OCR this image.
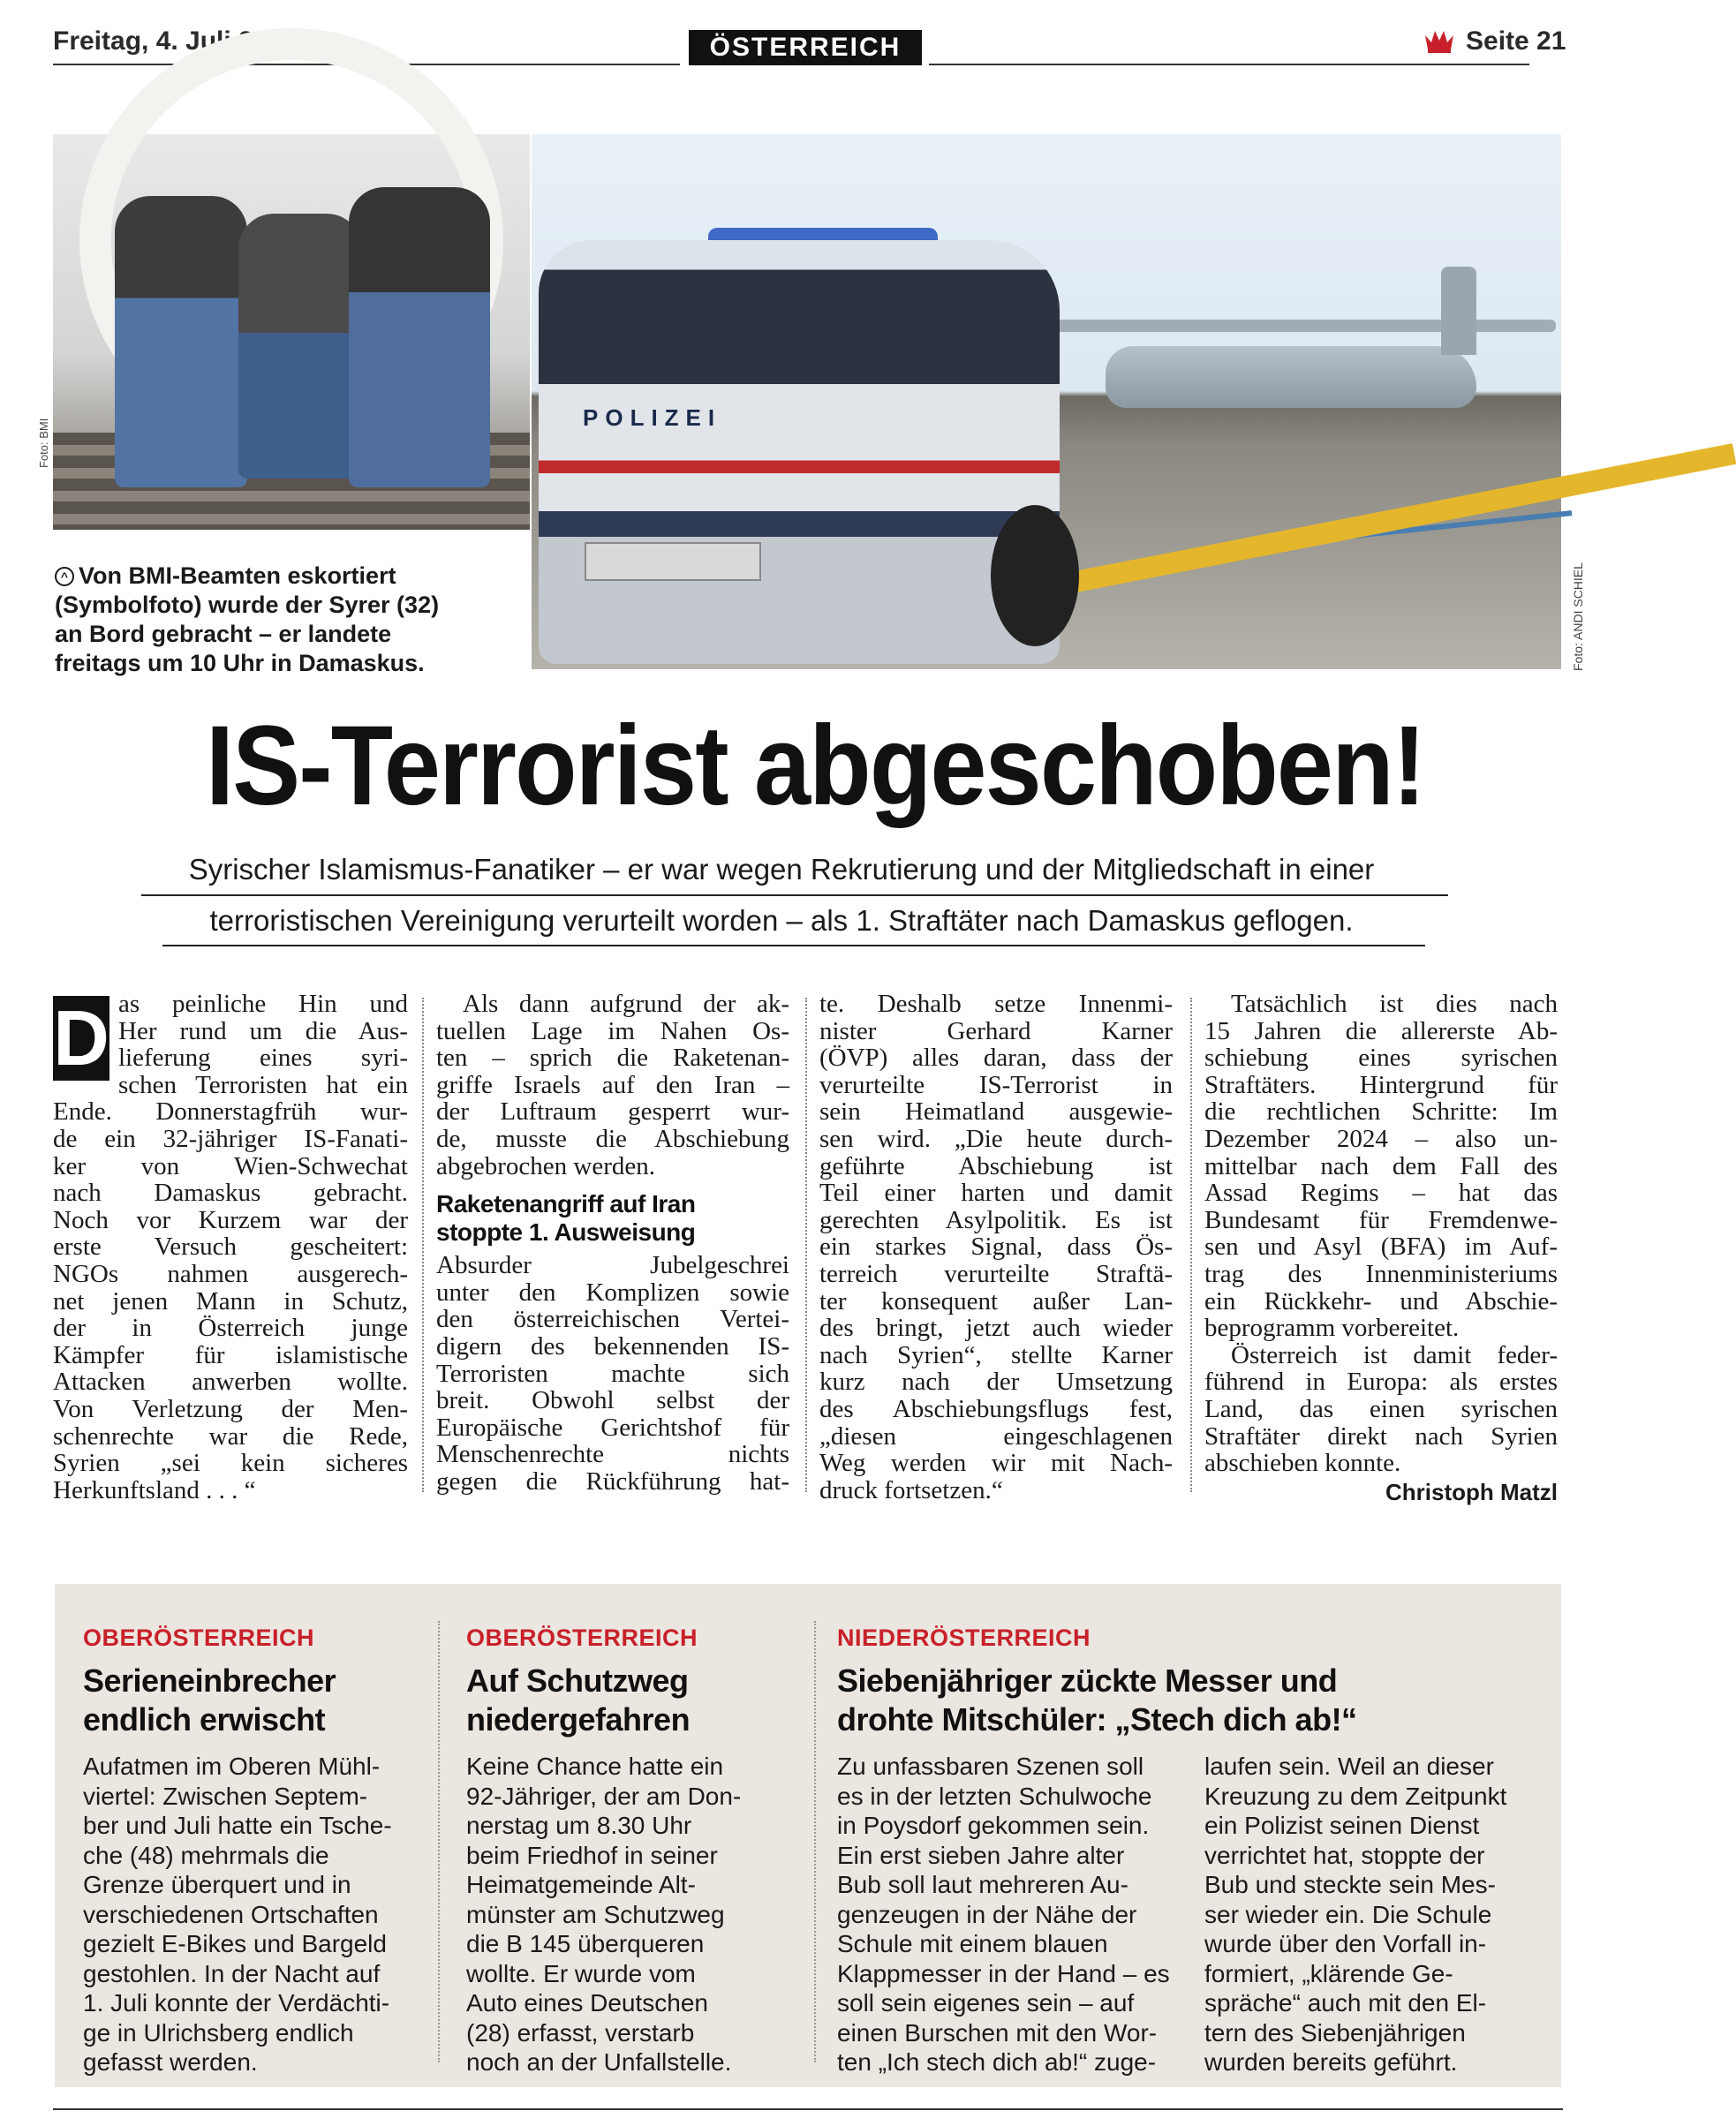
Freitag, 4. Juli 2025	ÖSTERREICH	Seite 21
Foto: BMI
^ Von BMI-Beamten eskortiert
(Symbolfoto) wurde der Syrer (32)
an Bord gebracht – er landete
freitags um 10 Uhr in Damaskus.
POLIZEI
Foto: ANDI SCHIEL
IS-Terrorist abgeschoben!
Syrischer Islamismus-Fanatiker – er war wegen Rekrutierung und der Mitgliedschaft in einer
terroristischen Vereinigung verurteilt worden – als 1. Straftäter nach Damaskus geflogen.
D as peinliche Hin und
Her rund um die Aus-
lieferung eines syri-
schen Terroristen hat ein
Ende. Donnerstagfrüh wur-
de ein 32-jähriger IS-Fanati-
ker von Wien-Schwechat
nach Damaskus gebracht.
Noch vor Kurzem war der
erste Versuch gescheitert:
NGOs nahmen ausgerech-
net jenen Mann in Schutz,
der in Österreich junge
Kämpfer für islamistische
Attacken anwerben wollte.
Von Verletzung der Men-
schenrechte war die Rede,
Syrien „sei kein sicheres
Herkunftsland . . . “
Als dann aufgrund der ak-
tuellen Lage im Nahen Os-
ten – sprich die Raketenan-
griffe Israels auf den Iran –
der Luftraum gesperrt wur-
de, musste die Abschiebung
abgebrochen werden.
Raketenangriff auf Iran
stoppte 1. Ausweisung
Absurder Jubelgeschrei
unter den Komplizen sowie
den österreichischen Vertei-
digern des bekennenden IS-
Terroristen machte sich
breit. Obwohl selbst der
Europäische Gerichtshof für
Menschenrechte nichts
gegen die Rückführung hat-
te. Deshalb setze Innenmi-
nister Gerhard Karner
(ÖVP) alles daran, dass der
verurteilte IS-Terrorist in
sein Heimatland ausgewie-
sen wird. „Die heute durch-
geführte Abschiebung ist
Teil einer harten und damit
gerechten Asylpolitik. Es ist
ein starkes Signal, dass Ös-
terreich verurteilte Straftä-
ter konsequent außer Lan-
des bringt, jetzt auch wieder
nach Syrien“, stellte Karner
kurz nach der Umsetzung
des Abschiebungsflugs fest,
„diesen eingeschlagenen
Weg werden wir mit Nach-
druck fortsetzen.“
Tatsächlich ist dies nach
15 Jahren die allererste Ab-
schiebung eines syrischen
Straftäters. Hintergrund für
die rechtlichen Schritte: Im
Dezember 2024 – also un-
mittelbar nach dem Fall des
Assad Regims – hat das
Bundesamt für Fremdenwe-
sen und Asyl (BFA) im Auf-
trag des Innenministeriums
ein Rückkehr- und Abschie-
beprogramm vorbereitet.
Österreich ist damit feder-
führend in Europa: als erstes
Land, das einen syrischen
Straftäter direkt nach Syrien
abschieben konnte.
Christoph Matzl
OBERÖSTERREICH
Serieneinbrecher
endlich erwischt
Aufatmen im Oberen Mühl-
viertel: Zwischen Septem-
ber und Juli hatte ein Tsche-
che (48) mehrmals die
Grenze überquert und in
verschiedenen Ortschaften
gezielt E-Bikes und Bargeld
gestohlen. In der Nacht auf
1. Juli konnte der Verdächti-
ge in Ulrichsberg endlich
gefasst werden.
OBERÖSTERREICH
Auf Schutzweg
niedergefahren
Keine Chance hatte ein
92-Jähriger, der am Don-
nerstag um 8.30 Uhr
beim Friedhof in seiner
Heimatgemeinde Alt-
münster am Schutzweg
die B 145 überqueren
wollte. Er wurde vom
Auto eines Deutschen
(28) erfasst, verstarb
noch an der Unfallstelle.
NIEDERÖSTERREICH
Siebenjähriger zückte Messer und
drohte Mitschüler: „Stech dich ab!“
Zu unfassbaren Szenen soll
es in der letzten Schulwoche
in Poysdorf gekommen sein.
Ein erst sieben Jahre alter
Bub soll laut mehreren Au-
genzeugen in der Nähe der
Schule mit einem blauen
Klappmesser in der Hand – es
soll sein eigenes sein – auf
einen Burschen mit den Wor-
ten „Ich stech dich ab!“ zuge-
laufen sein. Weil an dieser
Kreuzung zu dem Zeitpunkt
ein Polizist seinen Dienst
verrichtet hat, stoppte der
Bub und steckte sein Mes-
ser wieder ein. Die Schule
wurde über den Vorfall in-
formiert, „klärende Ge-
spräche“ auch mit den El-
tern des Siebenjährigen
wurden bereits geführt.
